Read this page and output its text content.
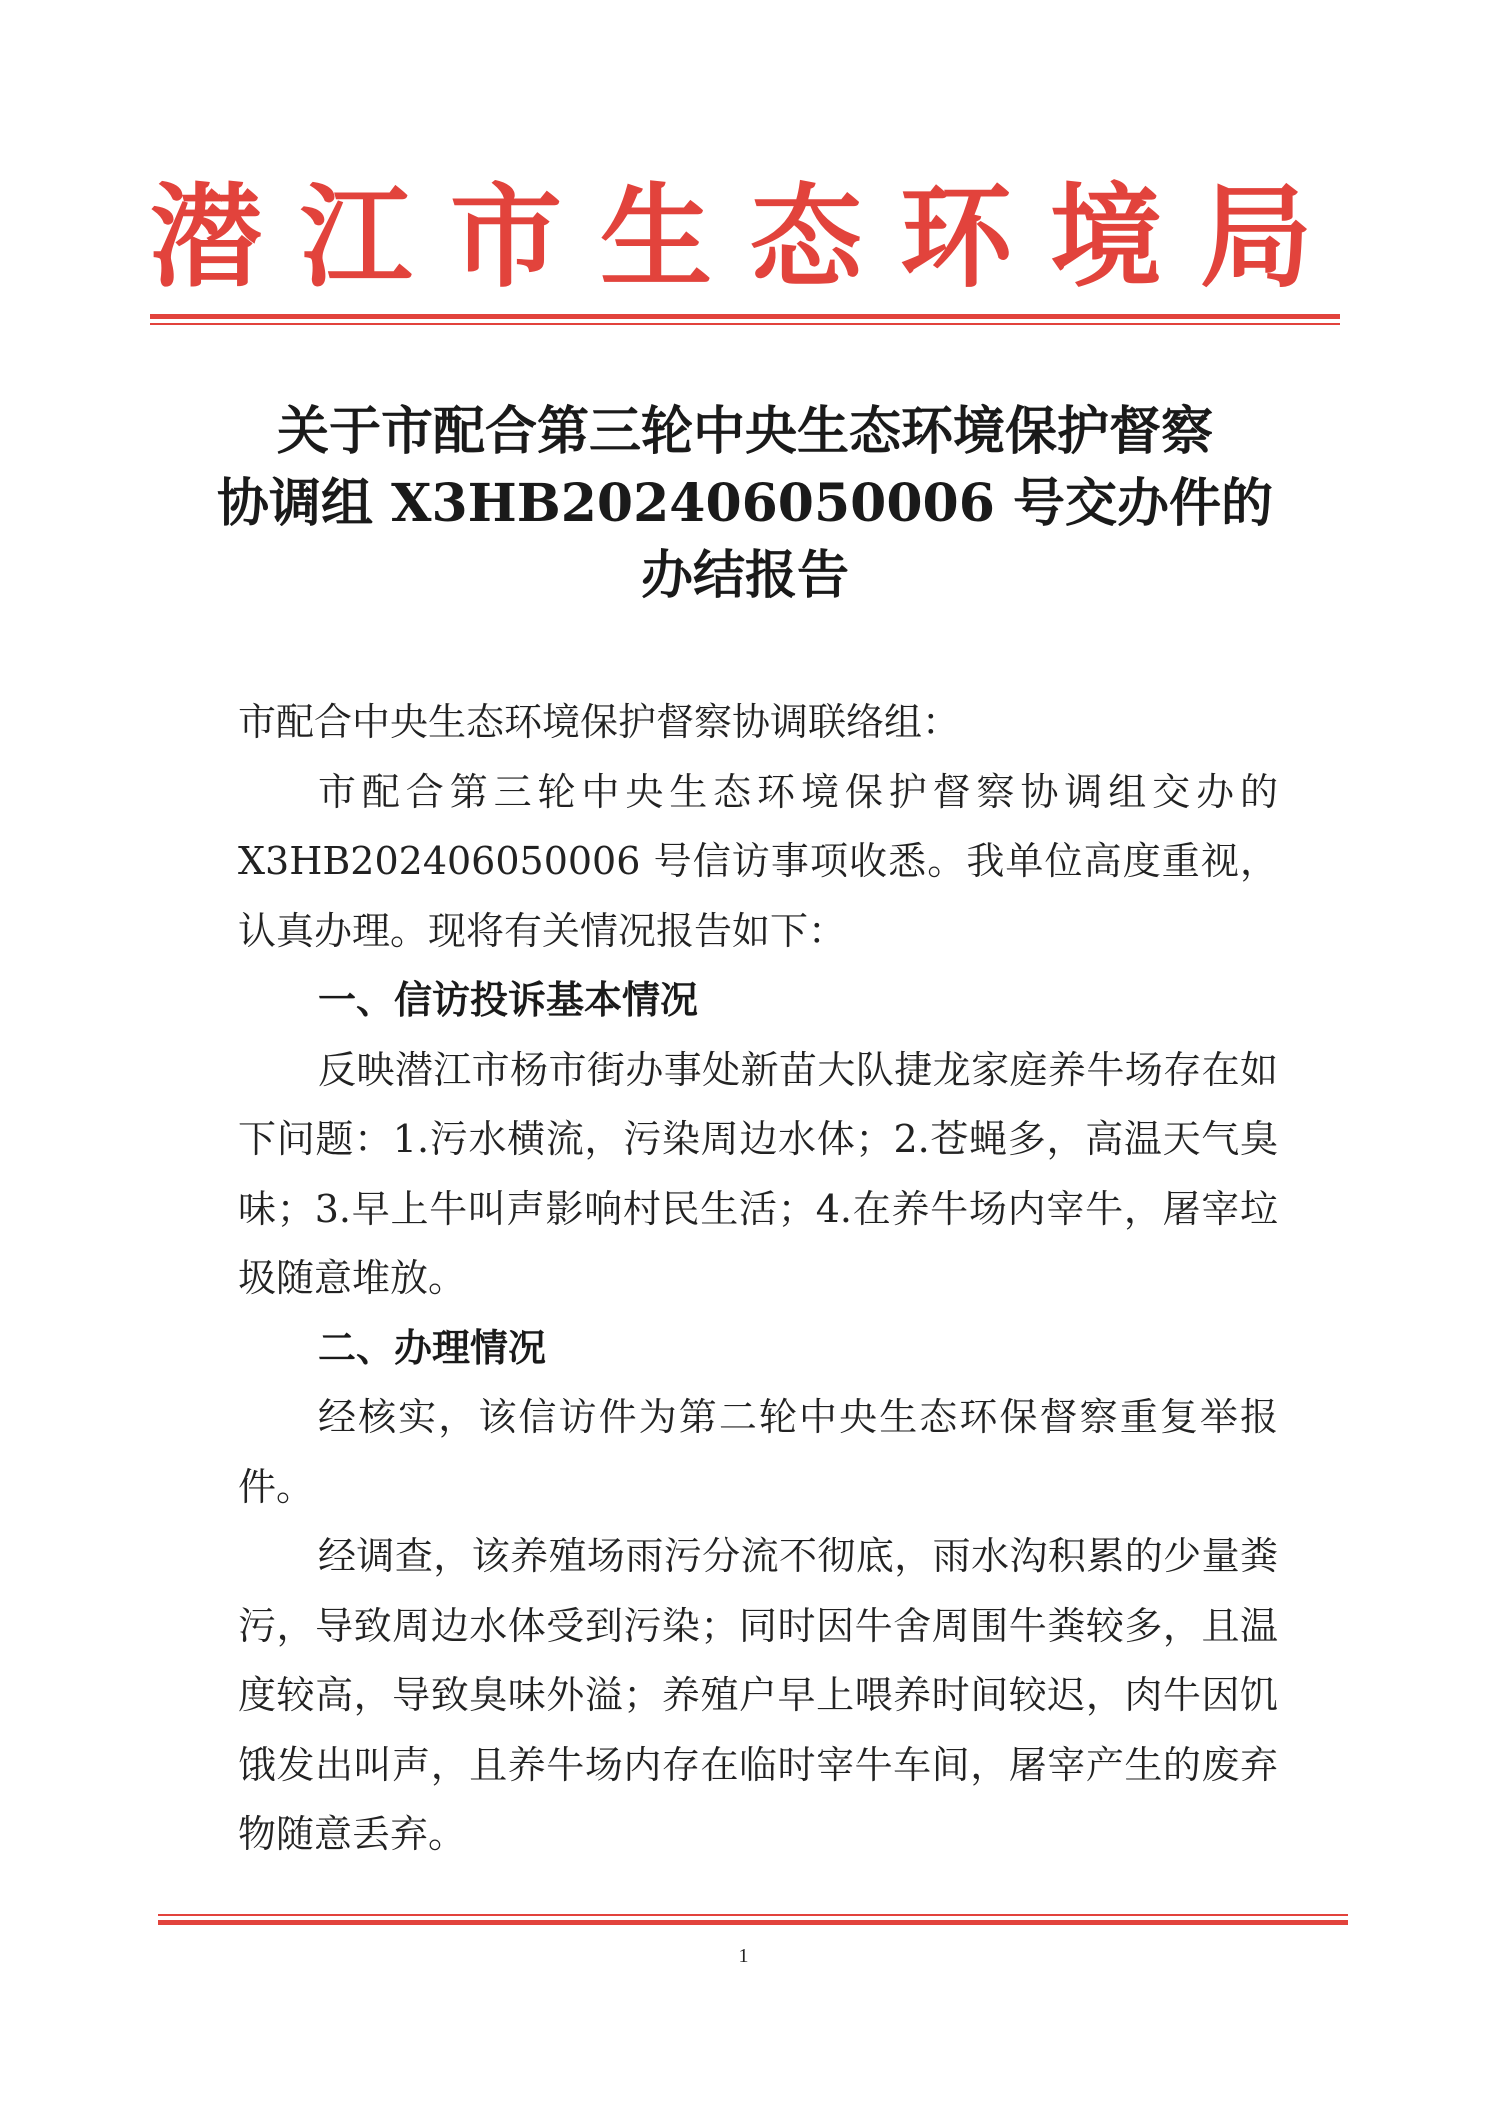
潜江市生态环境局
关于市配合第三轮中央生态环境保护督察
协调组 X3HB202406050006 号交办件的
办结报告

市配合中央生态环境保护督察协调联络组：

市配合第三轮中央生态环境保护督察协调组交办的X3HB202406050006 号信访事项收悉。我单位高度重视，认真办理。现将有关情况报告如下：

一、信访投诉基本情况

反映潜江市杨市街办事处新苗大队捷龙家庭养牛场存在如下问题：1.污水横流，污染周边水体；2.苍蝇多，高温天气臭味；3.早上牛叫声影响村民生活；4.在养牛场内宰牛，屠宰垃圾随意堆放。

二、办理情况

经核实，该信访件为第二轮中央生态环保督察重复举报件。

经调查，该养殖场雨污分流不彻底，雨水沟积累的少量粪污，导致周边水体受到污染；同时因牛舍周围牛粪较多，且温度较高，导致臭味外溢；养殖户早上喂养时间较迟，肉牛因饥饿发出叫声，且养牛场内存在临时宰牛车间，屠宰产生的废弃物随意丢弃。

1
